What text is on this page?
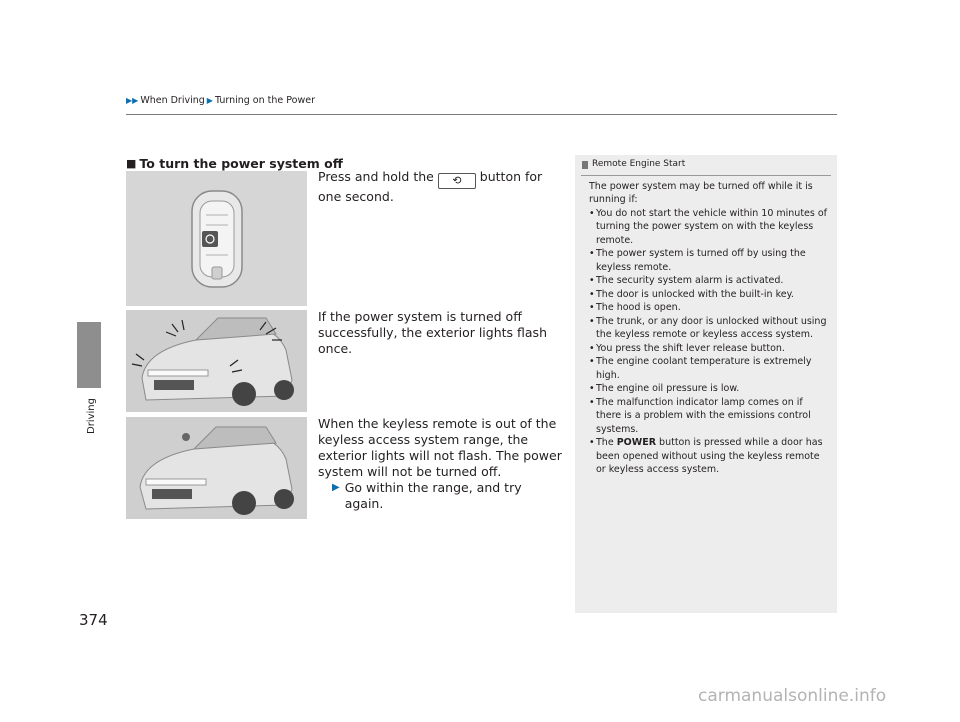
▶▶ When Driving ▶ Turning on the Power
Driving
374
■ To turn the power system off
Press and hold the ⟲ button for one second.
If the power system is turned off successfully, the exterior lights flash once.
When the keyless remote is out of the keyless access system range, the exterior lights will not flash. The power system will not be turned off.
▶ Go within the range, and try again.
Remote Engine Start
The power system may be turned off while it is running if:
• You do not start the vehicle within 10 minutes of turning the power system on with the keyless remote.
• The power system is turned off by using the keyless remote.
• The security system alarm is activated.
• The door is unlocked with the built-in key.
• The hood is open.
• The trunk, or any door is unlocked without using the keyless remote or keyless access system.
• You press the shift lever release button.
• The engine coolant temperature is extremely high.
• The engine oil pressure is low.
• The malfunction indicator lamp comes on if there is a problem with the emissions control systems.
• The POWER button is pressed while a door has been opened without using the keyless remote or keyless access system.
carmanualsonline.info
